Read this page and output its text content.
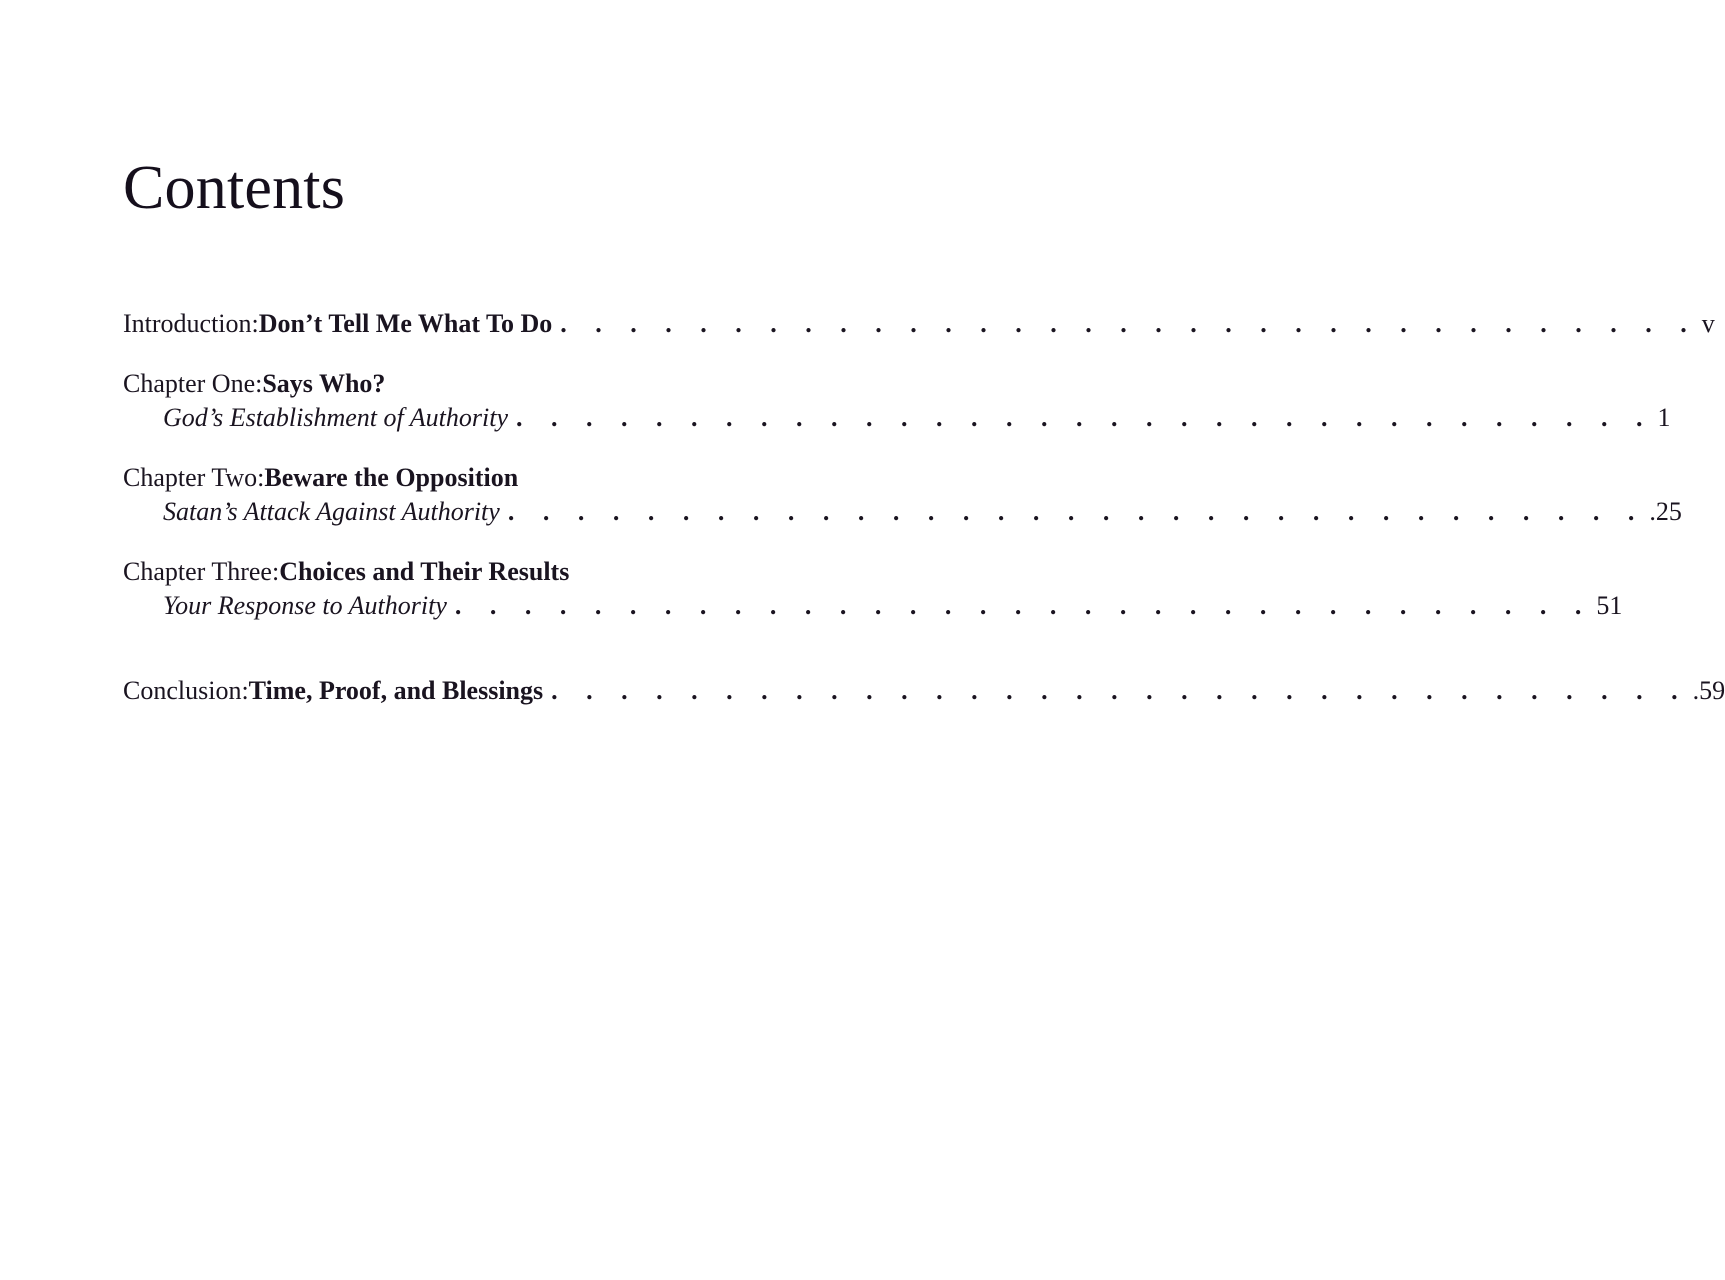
Contents
Introduction: Don’t Tell Me What To Do . . . . . . . . . . . . . . . . . . . . . . . . . . . . . . . . . v
Chapter One: Says Who?
God’s Establishment of Authority . . . . . . . . . . . . . . . . . . . . . . . . . . . . . . . . . 1
Chapter Two: Beware the Opposition
Satan’s Attack Against Authority . . . . . . . . . . . . . . . . . . . . . . . . . . . . . . . . . .25
Chapter Three: Choices and Their Results
Your Response to Authority . . . . . . . . . . . . . . . . . . . . . . . . . . . . . . . . . 51
Conclusion: Time, Proof, and Blessings . . . . . . . . . . . . . . . . . . . . . . . . . . . . . . . . . .59
